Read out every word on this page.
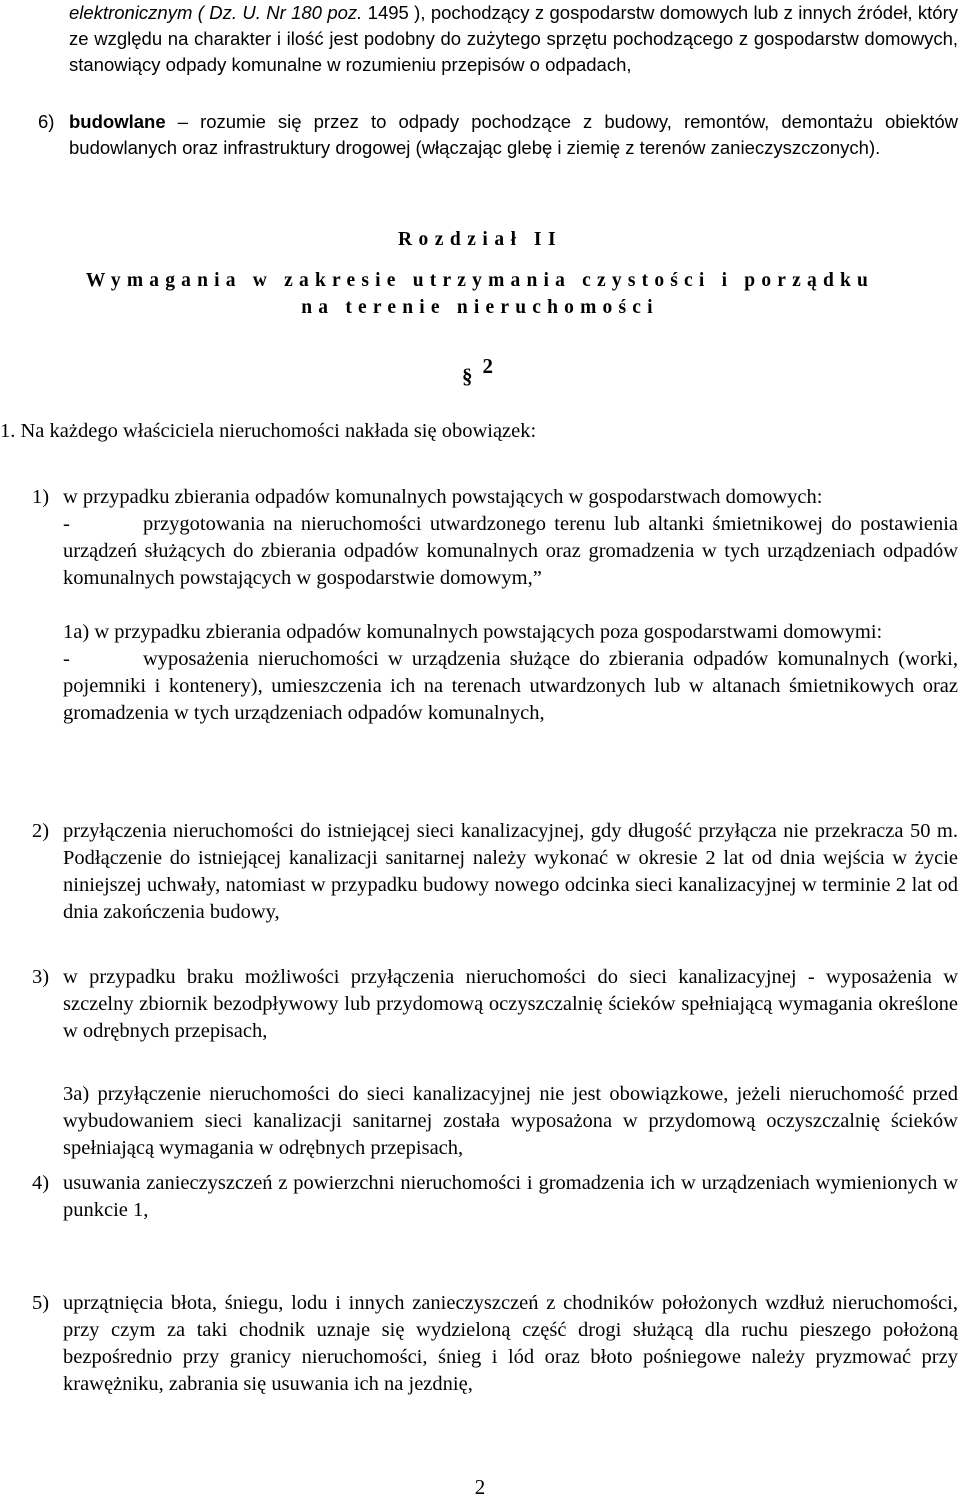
elektronicznym ( Dz. U. Nr 180 poz. 1495 ), pochodzący z gospodarstw domowych lub z innych źródeł, który ze względu na charakter i ilość jest podobny do zużytego sprzętu pochodzącego z gospodarstw domowych, stanowiący odpady komunalne w rozumieniu przepisów o odpadach,
6) budowlane – rozumie się przez to odpady pochodzące z budowy, remontów, demontażu obiektów budowlanych oraz infrastruktury drogowej (włączając glebę i ziemię z terenów zanieczyszczonych).
Rozdział II
Wymagania w zakresie utrzymania czystości i porządku
na terenie nieruchomości
§ 2
1. Na każdego właściciela nieruchomości nakłada się obowiązek:
1) w przypadku zbierania odpadów komunalnych powstających w gospodarstwach domowych:
-	przygotowania na nieruchomości utwardzonego terenu lub altanki śmietnikowej do postawienia urządzeń służących do zbierania odpadów komunalnych oraz gromadzenia w tych urządzeniach odpadów komunalnych powstających w gospodarstwie domowym,”
1a) w przypadku zbierania odpadów komunalnych powstających poza gospodarstwami domowymi:
-	wyposażenia nieruchomości w urządzenia służące do zbierania odpadów komunalnych (worki, pojemniki i kontenery), umieszczenia ich na terenach utwardzonych lub w altanach śmietnikowych oraz gromadzenia w tych urządzeniach odpadów komunalnych,
2) przyłączenia nieruchomości do istniejącej sieci kanalizacyjnej, gdy długość przyłącza nie przekracza 50 m. Podłączenie do istniejącej kanalizacji sanitarnej należy wykonać w okresie 2 lat od dnia wejścia w życie niniejszej uchwały, natomiast w przypadku budowy nowego odcinka sieci kanalizacyjnej w terminie 2 lat od dnia zakończenia budowy,
3) w przypadku braku możliwości przyłączenia nieruchomości do sieci kanalizacyjnej - wyposażenia w szczelny zbiornik bezodpływowy lub przydomową oczyszczalnię ścieków spełniającą wymagania określone w odrębnych przepisach,
3a) przyłączenie nieruchomości do sieci kanalizacyjnej nie jest obowiązkowe, jeżeli nieruchomość przed wybudowaniem sieci kanalizacji sanitarnej została wyposażona w przydomową oczyszczalnię ścieków spełniającą wymagania w odrębnych przepisach,
4) usuwania zanieczyszczeń z powierzchni nieruchomości i gromadzenia ich w urządzeniach wymienionych w punkcie 1,
5) uprzątnięcia błota, śniegu, lodu i innych zanieczyszczeń z chodników położonych wzdłuż nieruchomości, przy czym za taki chodnik uznaje się wydzieloną część drogi służącą dla ruchu pieszego położoną bezpośrednio przy granicy nieruchomości, śnieg i lód oraz błoto pośniegowe należy pryzmować przy krawężniku, zabrania się usuwania ich na jezdnię,
2
